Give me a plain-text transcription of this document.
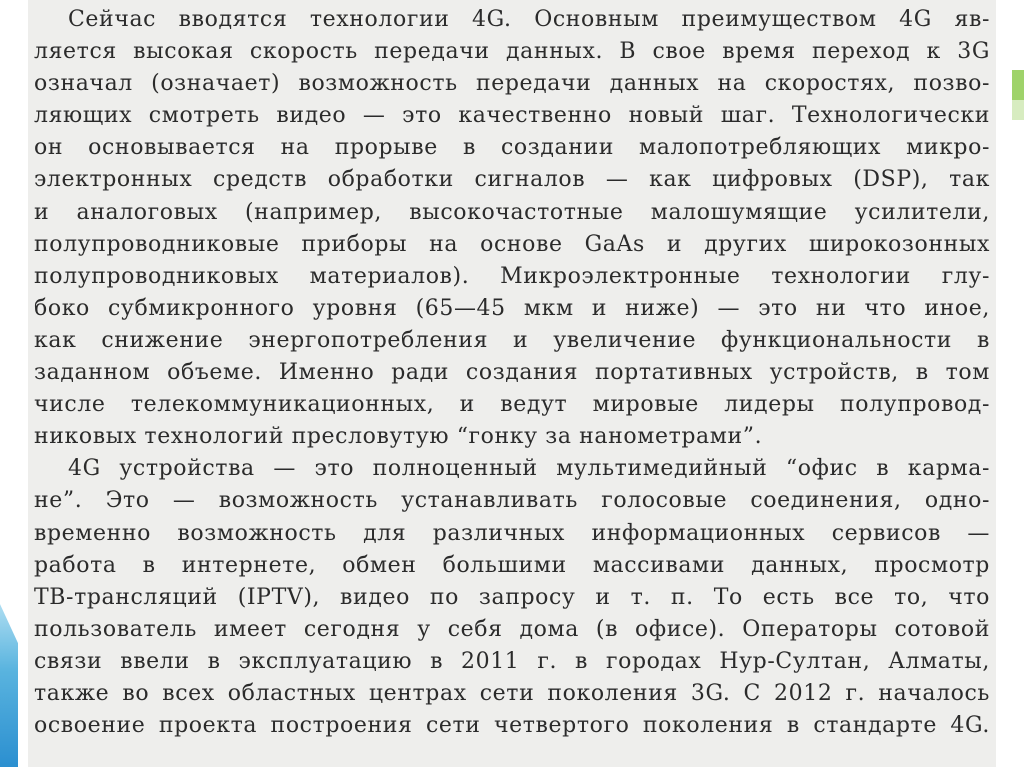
Сейчас вводятся технологии 4G. Основным преимуществом 4G яв-
ляется высокая скорость передачи данных. В свое время переход к 3G
означал (означает) возможность передачи данных на скоростях, позво-
ляющих смотреть видео — это качественно новый шаг. Технологически
он основывается на прорыве в создании малопотребляющих микро-
электронных средств обработки сигналов — как цифровых (DSP), так
и аналоговых (например, высокочастотные малошумящие усилители,
полупроводниковые приборы на основе GaAs и других широкозонных
полупроводниковых материалов). Микроэлектронные технологии глу-
боко субмикронного уровня (65—45 мкм и ниже) — это ни что иное,
как снижение энергопотребления и увеличение функциональности в
заданном объеме. Именно ради создания портативных устройств, в том
числе телекоммуникационных, и ведут мировые лидеры полупровод-
никовых технологий пресловутую “гонку за нанометрами”.
4G устройства — это полноценный мультимедийный “офис в карма-
не”. Это — возможность устанавливать голосовые соединения, одно-
временно возможность для различных информационных сервисов —
работа в интернете, обмен большими массивами данных, просмотр
ТВ-трансляций (IPTV), видео по запросу и т. п. То есть все то, что
пользователь имеет сегодня у себя дома (в офисе). Операторы сотовой
связи ввели в эксплуатацию в 2011 г. в городах Нур-Султан, Алматы,
также во всех областных центрах сети поколения 3G. С 2012 г. началось
освоение проекта построения сети четвертого поколения в стандарте 4G.
